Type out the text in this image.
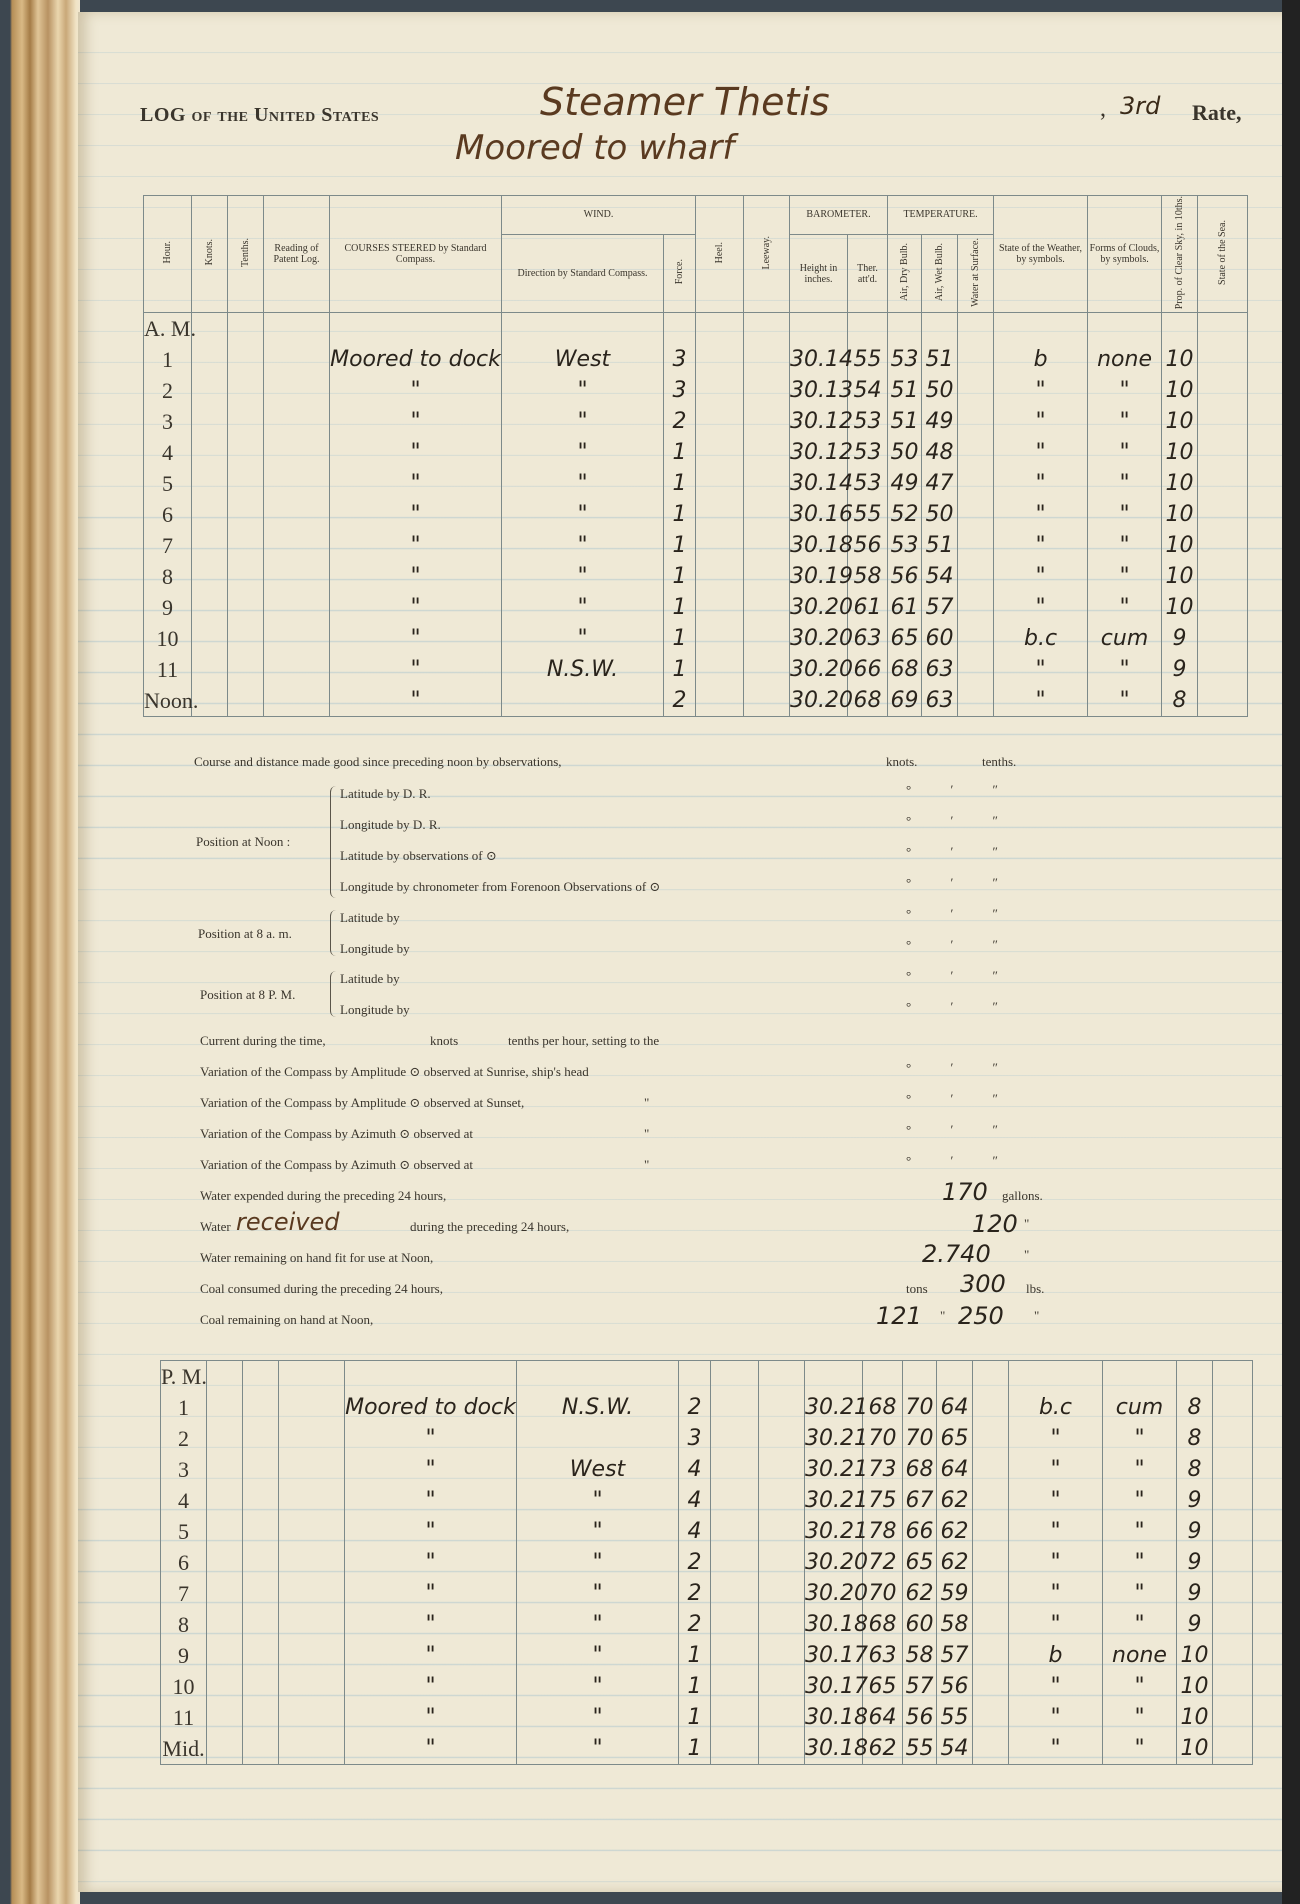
LOG of the United States	Steamer Thetis
Moored to wharf
, 3rd Rate,
Hour.	Knots.	Tenths.	Reading of Patent Log.	COURSES STEERED by Standard Compass.	WIND.		Heel.	Leeway.	BAROMETER.		TEMPERATURE.			State of the Weather, by symbols.	Forms of Clouds, by symbols.	Prop. of Clear Sky, in 10ths.	State of the Sea.
					Direction by Standard Compass.	Force.			Height in inches.	Ther. att'd.	Air, Dry Bulb.	Air, Wet Bulb.	Water at Surface.				
A. M.																	
1				Moored to dock	West	3			30.14	55	53	51		b	none	10	
2				"	"	3			30.13	54	51	50		"	"	10	
3				"	"	2			30.12	53	51	49		"	"	10	
4				"	"	1			30.12	53	50	48		"	"	10	
5				"	"	1			30.14	53	49	47		"	"	10	
6				"	"	1			30.16	55	52	50		"	"	10	
7				"	"	1			30.18	56	53	51		"	"	10	
8				"	"	1			30.19	58	56	54		"	"	10	
9				"	"	1			30.20	61	61	57		"	"	10	
10				"	"	1			30.20	63	65	60		b.c	cum	9	
11				"	N.S.W.	1			30.20	66	68	63		"	"	9	
Noon.				"		2			30.20	68	69	63		"	"	8	
Course and distance made good since preceding noon by observations,	knots.	tenths.
Position at Noon :
Latitude by D. R.
Longitude by D. R.
Latitude by observations of ⊙
Longitude by chronometer from Forenoon Observations of ⊙
Position at 8 a. m.
Latitude by
Longitude by
Position at 8 P. M.
Latitude by
Longitude by
Current during the time,	knots	tenths per hour, setting to the
Variation of the Compass by Amplitude ⊙ observed at Sunrise, ship's head
Variation of the Compass by Amplitude ⊙ observed at Sunset,	"
Variation of the Compass by Azimuth ⊙ observed at	"
Variation of the Compass by Azimuth ⊙ observed at	"
° ′ ″
° ′ ″
° ′ ″
° ′ ″
° ′ ″
° ′ ″
° ′ ″
° ′ ″
° ′ ″
° ′ ″
° ′ ″
° ′ ″
Water expended during the preceding 24 hours,	170 gallons.
Water received	during the preceding 24 hours,	120 "
Water remaining on hand fit for use at Noon,	2.740	"
Coal consumed during the preceding 24 hours,	tons 300 lbs.
Coal remaining on hand at Noon,	121 " 250 "
P. M.																	
1				Moored to dock	N.S.W.	2			30.21	68	70	64		b.c	cum	8	
2				"		3			30.21	70	70	65		"	"	8	
3				"	West	4			30.21	73	68	64		"	"	8	
4				"	"	4			30.21	75	67	62		"	"	9	
5				"	"	4			30.21	78	66	62		"	"	9	
6				"	"	2			30.20	72	65	62		"	"	9	
7				"	"	2			30.20	70	62	59		"	"	9	
8				"	"	2			30.18	68	60	58		"	"	9	
9				"	"	1			30.17	63	58	57		b	none	10	
10				"	"	1			30.17	65	57	56		"	"	10	
11				"	"	1			30.18	64	56	55		"	"	10	
Mid.				"	"	1			30.18	62	55	54		"	"	10	
